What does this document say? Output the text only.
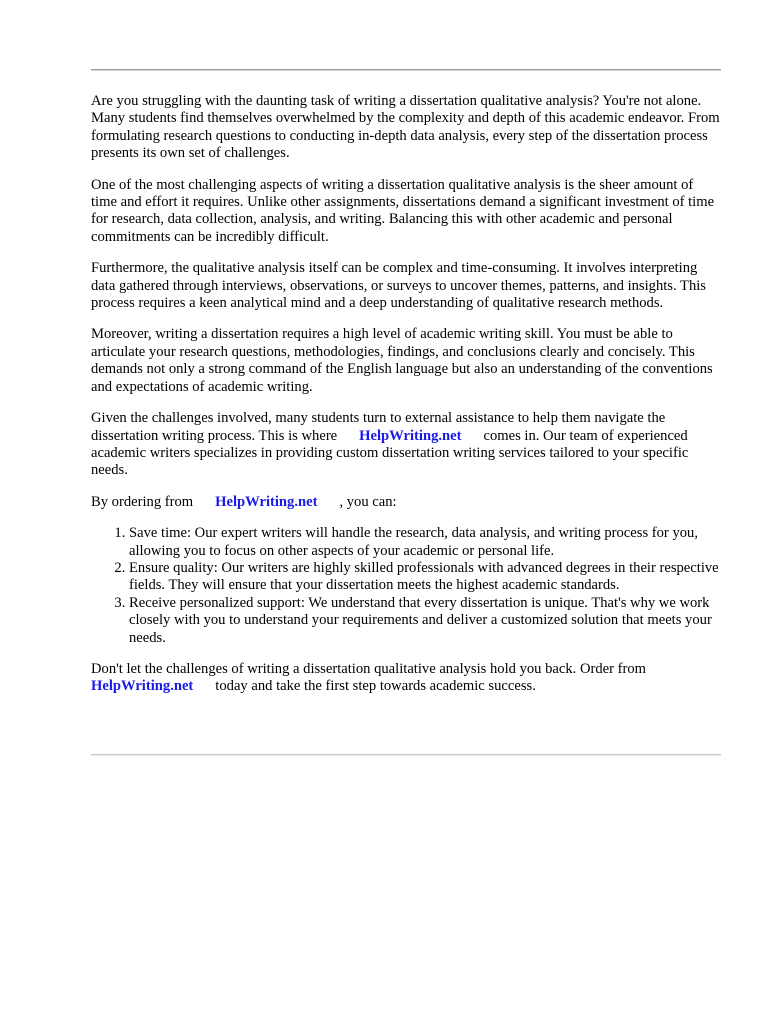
Are you struggling with the daunting task of writing a dissertation qualitative analysis? You're not alone. Many students find themselves overwhelmed by the complexity and depth of this academic endeavor. From formulating research questions to conducting in-depth data analysis, every step of the dissertation process presents its own set of challenges.

One of the most challenging aspects of writing a dissertation qualitative analysis is the sheer amount of time and effort it requires. Unlike other assignments, dissertations demand a significant investment of time for research, data collection, analysis, and writing. Balancing this with other academic and personal commitments can be incredibly difficult.

Furthermore, the qualitative analysis itself can be complex and time-consuming. It involves interpreting data gathered through interviews, observations, or surveys to uncover themes, patterns, and insights. This process requires a keen analytical mind and a deep understanding of qualitative research methods.

Moreover, writing a dissertation requires a high level of academic writing skill. You must be able to articulate your research questions, methodologies, findings, and conclusions clearly and concisely. This demands not only a strong command of the English language but also an understanding of the conventions and expectations of academic writing.

Given the challenges involved, many students turn to external assistance to help them navigate the dissertation writing process. This is where HelpWriting.net comes in. Our team of experienced academic writers specializes in providing custom dissertation writing services tailored to your specific needs.

By ordering from HelpWriting.net , you can:

1. Save time: Our expert writers will handle the research, data analysis, and writing process for you, allowing you to focus on other aspects of your academic or personal life.
2. Ensure quality: Our writers are highly skilled professionals with advanced degrees in their respective fields. They will ensure that your dissertation meets the highest academic standards.
3. Receive personalized support: We understand that every dissertation is unique. That's why we work closely with you to understand your requirements and deliver a customized solution that meets your needs.

Don't let the challenges of writing a dissertation qualitative analysis hold you back. Order from
HelpWriting.net today and take the first step towards academic success.
